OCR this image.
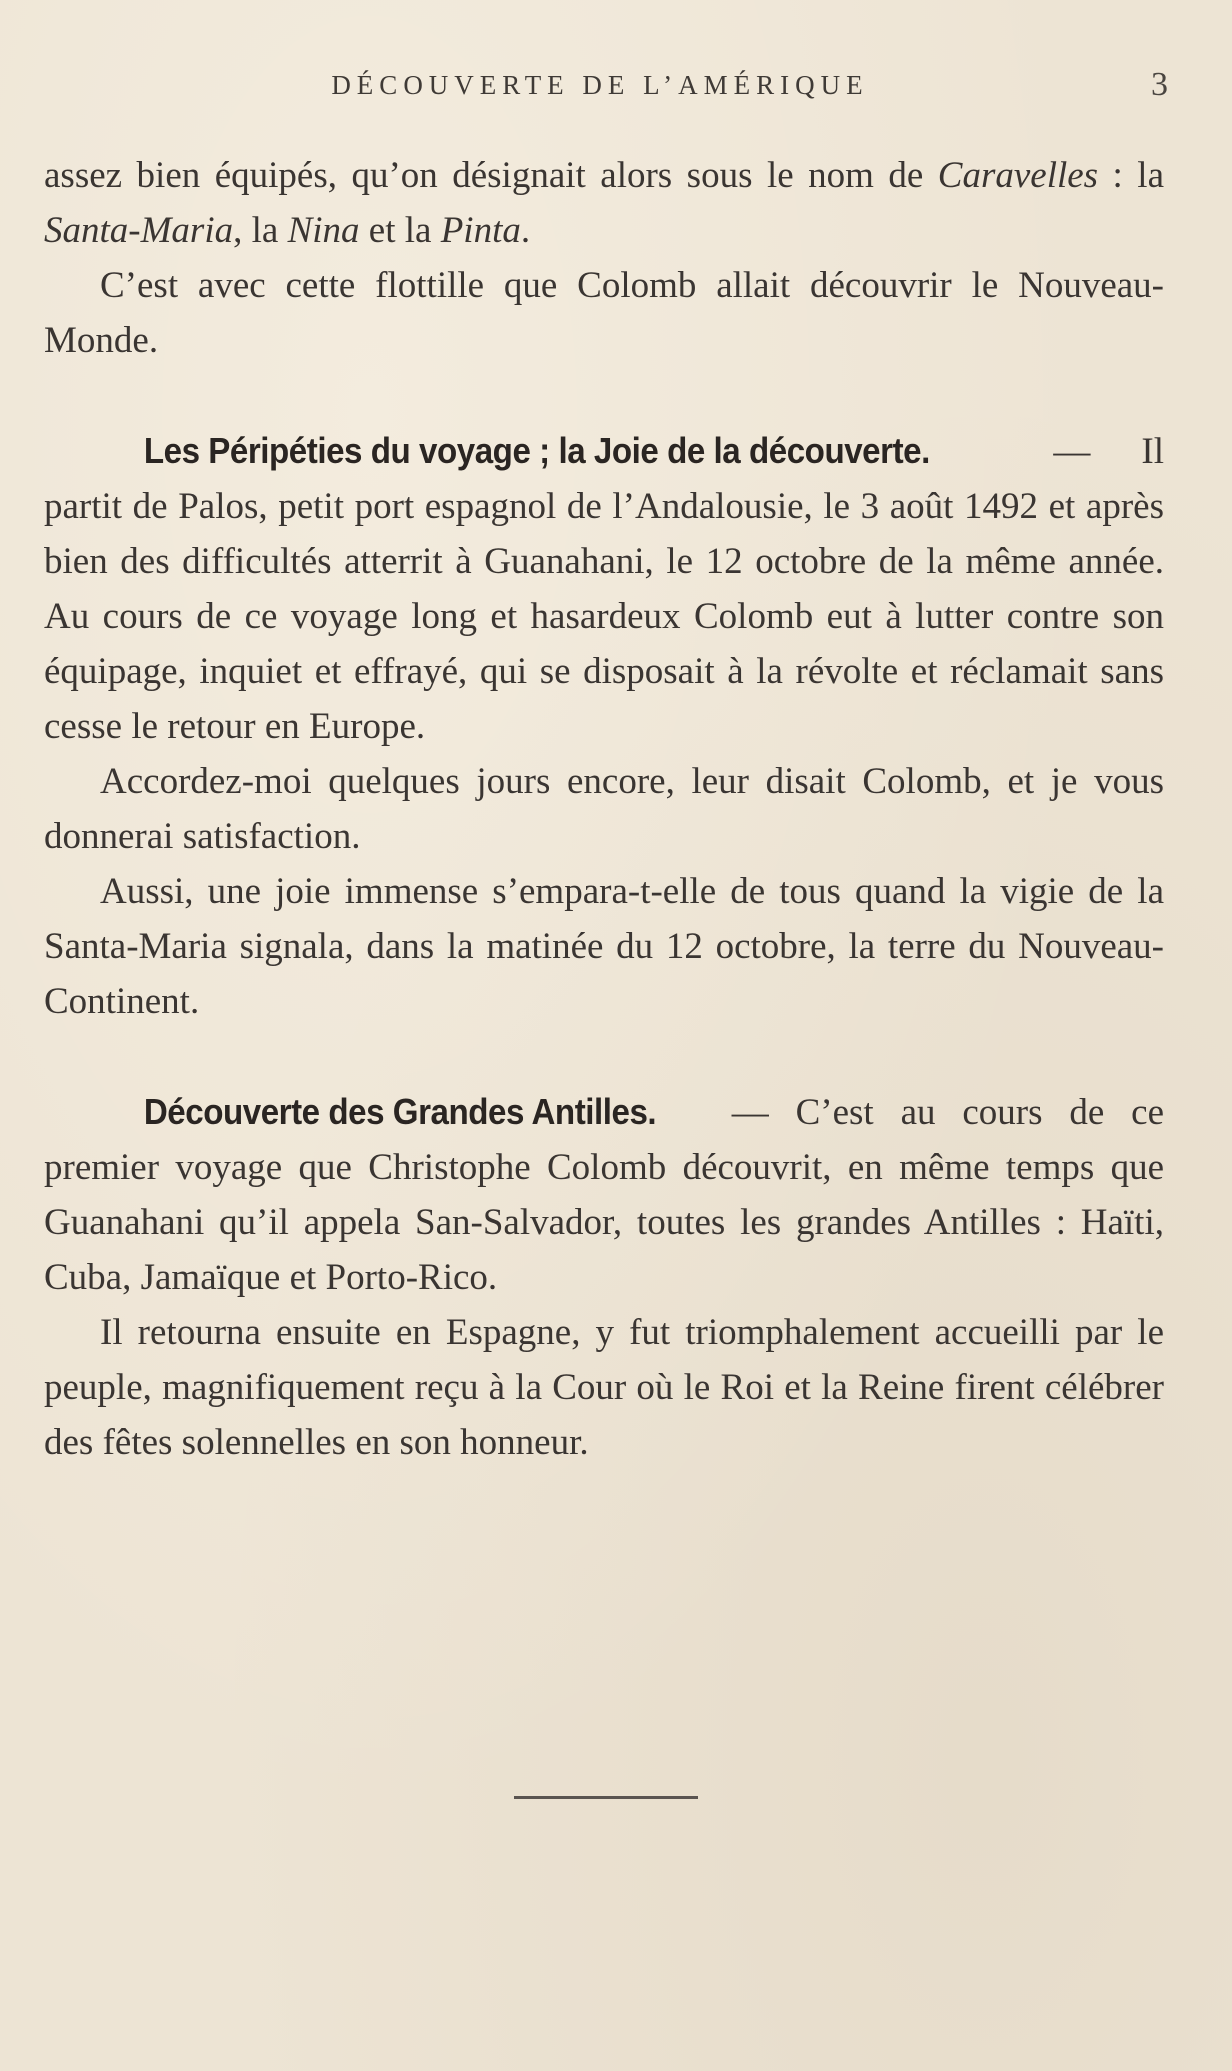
DÉCOUVERTE DE L’AMÉRIQUE	3

assez bien équipés, qu’on désignait alors sous le nom de Caravelles : la Santa-Maria, la Nina et la Pinta.

C’est avec cette flottille que Colomb allait découvrir le Nouveau-Monde.

Les Péripéties du voyage ; la Joie de la découverte. — Il partit de Palos, petit port espagnol de l’Andalousie, le 3 août 1492 et après bien des difficultés atterrit à Guanahani, le 12 octobre de la même année. Au cours de ce voyage long et hasardeux Colomb eut à lutter contre son équipage, inquiet et effrayé, qui se disposait à la révolte et réclamait sans cesse le retour en Europe.

Accordez-moi quelques jours encore, leur disait Colomb, et je vous donnerai satisfaction.

Aussi, une joie immense s’empara-t-elle de tous quand la vigie de la Santa-Maria signala, dans la matinée du 12 octobre, la terre du Nouveau-Continent.

Découverte des Grandes Antilles. — C’est au cours de ce premier voyage que Christophe Colomb découvrit, en même temps que Guanahani qu’il appela San-Salvador, toutes les grandes Antilles : Haïti, Cuba, Jamaïque et Porto-Rico.

Il retourna ensuite en Espagne, y fut triomphalement accueilli par le peuple, magnifiquement reçu à la Cour où le Roi et la Reine firent célébrer des fêtes solennelles en son honneur.
